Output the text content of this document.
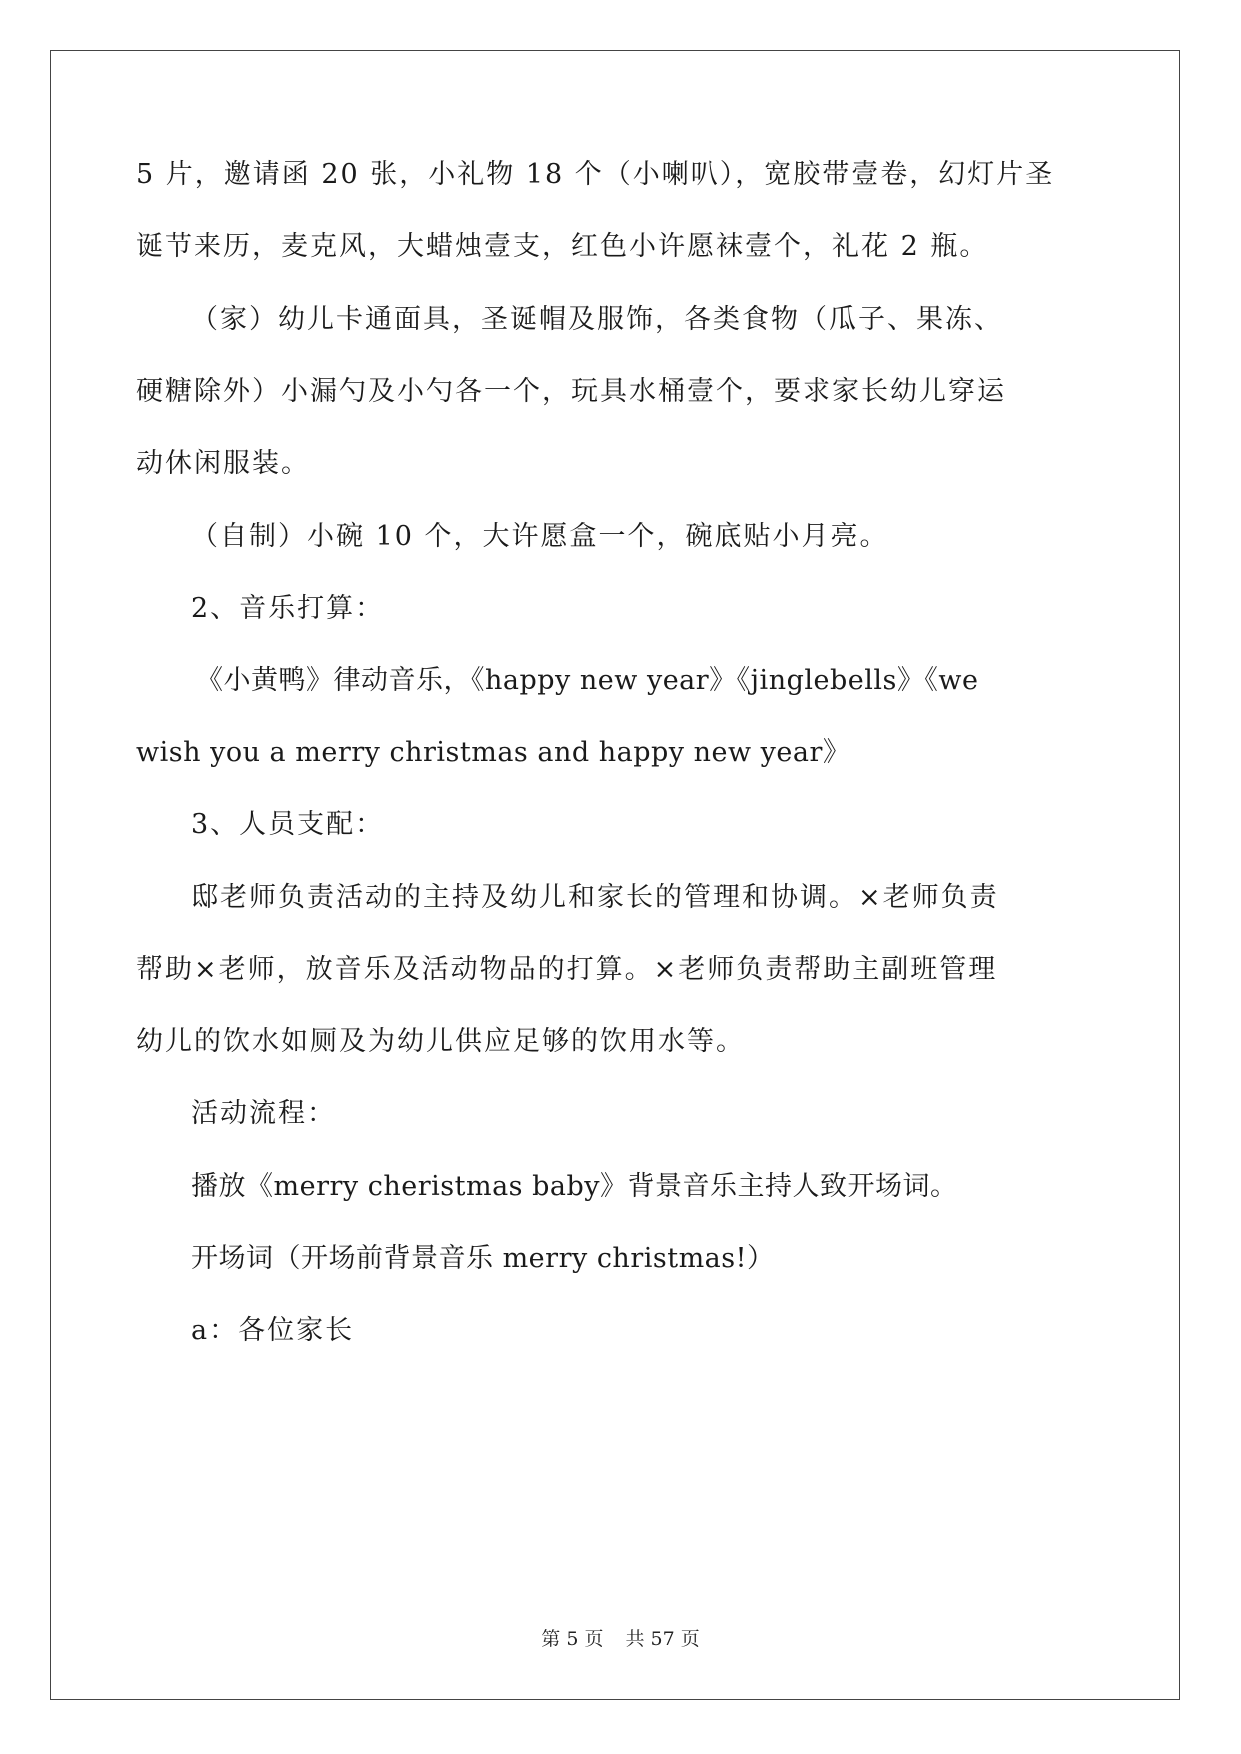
5 片，邀请函 20 张，小礼物 18 个（小喇叭），宽胶带壹卷，幻灯片圣
诞节来历，麦克风，大蜡烛壹支，红色小许愿袜壹个，礼花 2 瓶。
（家）幼儿卡通面具，圣诞帽及服饰，各类食物（瓜子、果冻、
硬糖除外）小漏勺及小勺各一个，玩具水桶壹个，要求家长幼儿穿运
动休闲服装。
（自制）小碗 10 个，大许愿盒一个，碗底贴小月亮。
2、音乐打算：
《小黄鸭》律动音乐，《happy new year》《jinglebells》《we
wish you a merry christmas and happy new year》
3、人员支配：
邸老师负责活动的主持及幼儿和家长的管理和协调。×老师负责
帮助×老师，放音乐及活动物品的打算。×老师负责帮助主副班管理
幼儿的饮水如厕及为幼儿供应足够的饮用水等。
活动流程：
播放《merry cheristmas baby》背景音乐主持人致开场词。
开场词（开场前背景音乐 merry christmas!）
a：各位家长
第 5 页 共 57 页
